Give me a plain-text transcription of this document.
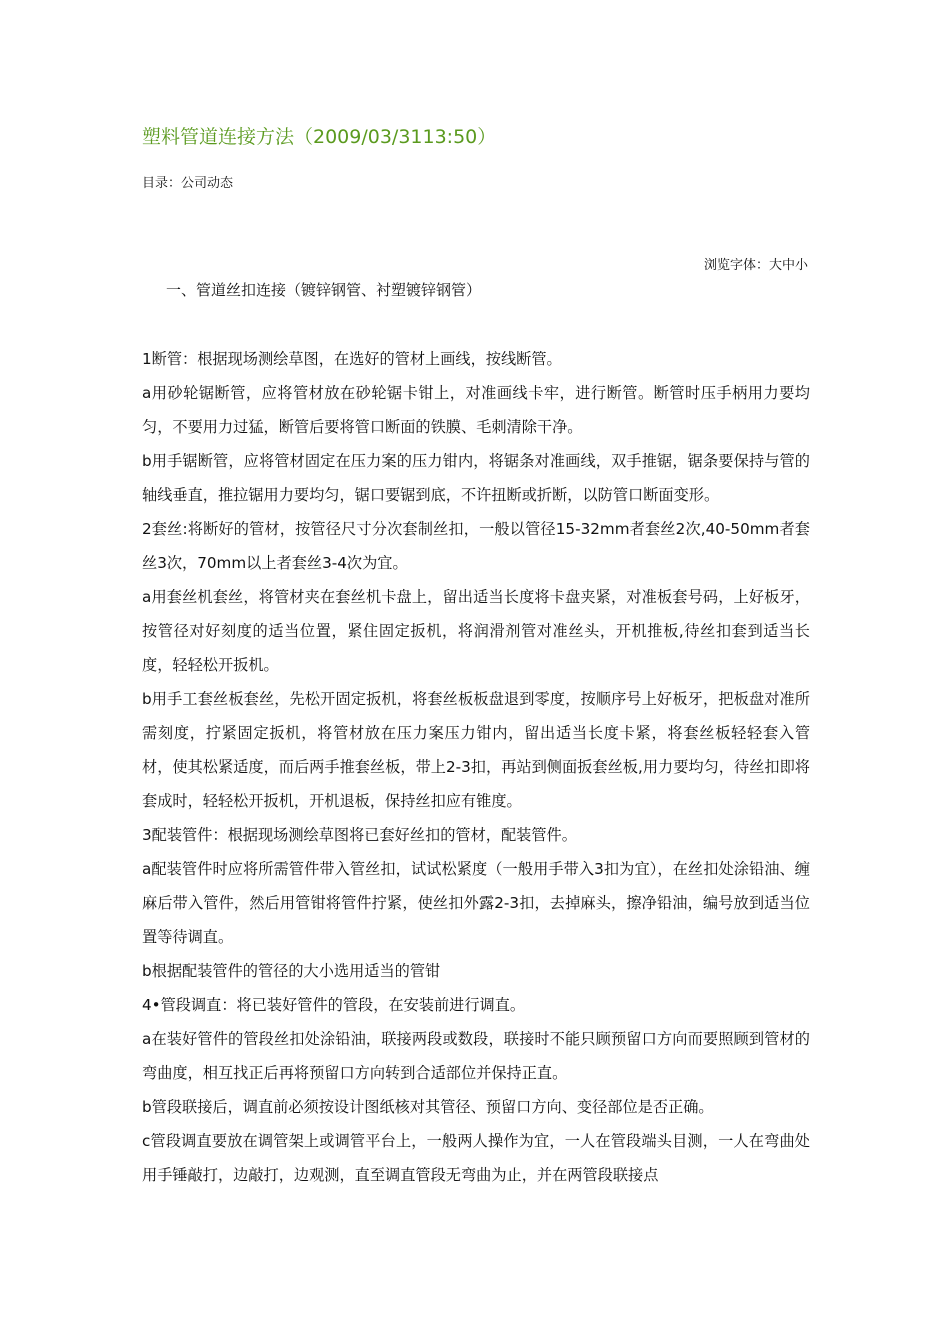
塑料管道连接方法（2009/03/3113:50）
目录：公司动态
浏览字体：大中小
一、管道丝扣连接（镀锌钢管、衬塑镀锌钢管）

1断管：根据现场测绘草图，在选好的管材上画线，按线断管。

a用砂轮锯断管，应将管材放在砂轮锯卡钳上，对准画线卡牢，进行断管。断管时压手柄用力要均匀，不要用力过猛，断管后要将管口断面的铁膜、毛刺清除干净。

b用手锯断管，应将管材固定在压力案的压力钳内，将锯条对准画线，双手推锯，锯条要保持与管的轴线垂直，推拉锯用力要均匀，锯口要锯到底，不许扭断或折断，以防管口断面变形。

2套丝:将断好的管材，按管径尺寸分次套制丝扣，一般以管径15-32mm者套丝2次,40-50mm者套丝3次，70mm以上者套丝3-4次为宜。

a用套丝机套丝，将管材夹在套丝机卡盘上，留出适当长度将卡盘夹紧，对准板套号码，上好板牙，按管径对好刻度的适当位置，紧住固定扳机，将润滑剂管对准丝头，开机推板,待丝扣套到适当长度，轻轻松开扳机。

b用手工套丝板套丝，先松开固定扳机，将套丝板板盘退到零度，按顺序号上好板牙，把板盘对准所需刻度，拧紧固定扳机，将管材放在压力案压力钳内，留出适当长度卡紧，将套丝板轻轻套入管材，使其松紧适度，而后两手推套丝板，带上2-3扣，再站到侧面扳套丝板,用力要均匀，待丝扣即将套成时，轻轻松开扳机，开机退板，保持丝扣应有锥度。

3配装管件：根据现场测绘草图将已套好丝扣的管材，配装管件。

a配装管件时应将所需管件带入管丝扣，试试松紧度（一般用手带入3扣为宜），在丝扣处涂铅油、缠麻后带入管件，然后用管钳将管件拧紧，使丝扣外露2-3扣，去掉麻头，擦净铅油，编号放到适当位置等待调直。

b根据配装管件的管径的大小选用适当的管钳

4•管段调直：将已装好管件的管段，在安装前进行调直。

a在装好管件的管段丝扣处涂铅油，联接两段或数段，联接时不能只顾预留口方向而要照顾到管材的弯曲度，相互找正后再将预留口方向转到合适部位并保持正直。

b管段联接后，调直前必须按设计图纸核对其管径、预留口方向、变径部位是否正确。

c管段调直要放在调管架上或调管平台上，一般两人操作为宜，一人在管段端头目测，一人在弯曲处用手锤敲打，边敲打，边观测，直至调直管段无弯曲为止，并在两管段联接点
